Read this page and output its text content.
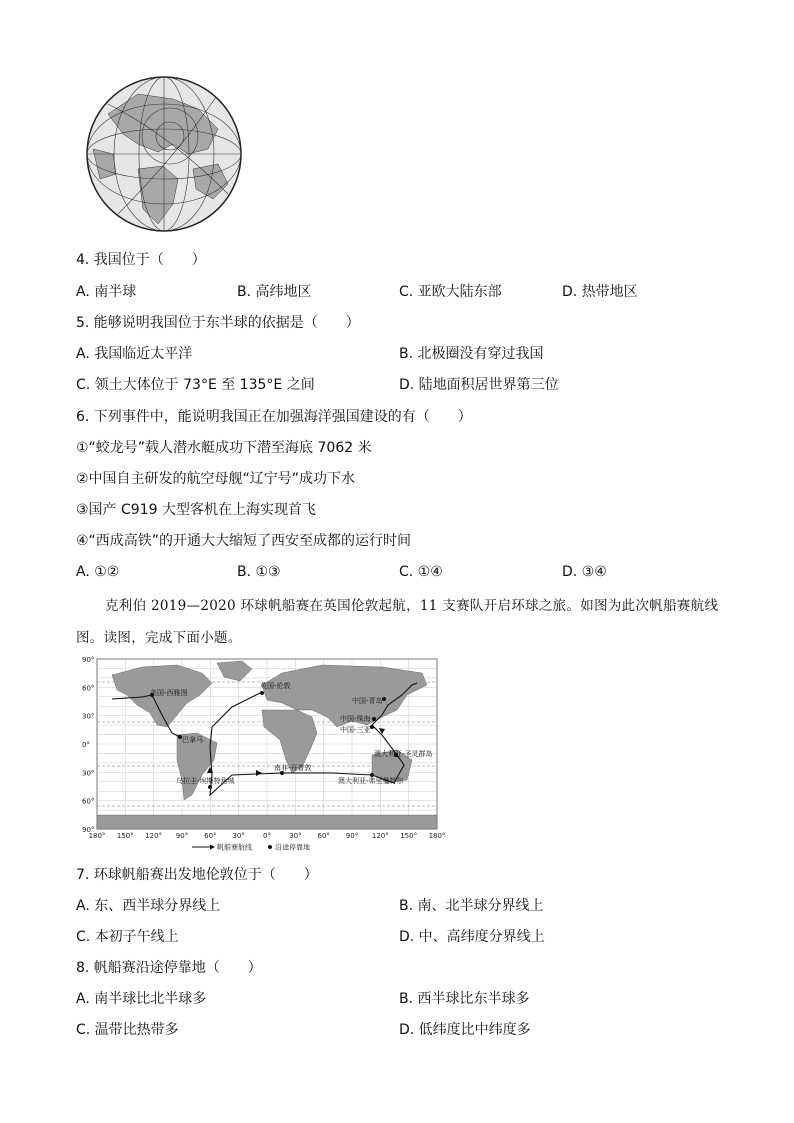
4. 我国位于（　　）
A. 南半球	B. 高纬地区	C. 亚欧大陆东部	D. 热带地区
5. 能够说明我国位于东半球的依据是（　　）
A. 我国临近太平洋	B. 北极圈没有穿过我国
C. 领土大体位于 73°E 至 135°E 之间	D. 陆地面积居世界第三位
6. 下列事件中，能说明我国正在加强海洋强国建设的有（　　）
①“蛟龙号”载人潜水艇成功下潜至海底 7062 米
②中国自主研发的航空母舰“辽宁号”成功下水
③国产 C919 大型客机在上海实现首飞
④“西成高铁”的开通大大缩短了西安至成都的运行时间
A. ①②	B. ①③	C. ①④	D. ③④
克利伯 2019—2020 环球帆船赛在英国伦敦起航，11 支赛队开启环球之旅。如图为此次帆船赛航线
图。读图，完成下面小题。
英国-伦敦
美国-西雅图
巴拿马
中国-青岛
中国-珠海
中国-三亚
澳大利亚-圣灵群岛
澳大利亚-弗里曼特尔
南非-开普敦
乌拉圭-埃斯特角城
90°
60°
30°
0°
30°
60°
90°
180° 150° 120° 90° 60° 30°	0°	30° 60° 90° 120° 150° 180°
帆船赛航线	沿途停靠地
7. 环球帆船赛出发地伦敦位于（　　）
A. 东、西半球分界线上	B. 南、北半球分界线上
C. 本初子午线上	D. 中、高纬度分界线上
8. 帆船赛沿途停靠地（　　）
A. 南半球比北半球多	B. 西半球比东半球多
C. 温带比热带多	D. 低纬度比中纬度多
